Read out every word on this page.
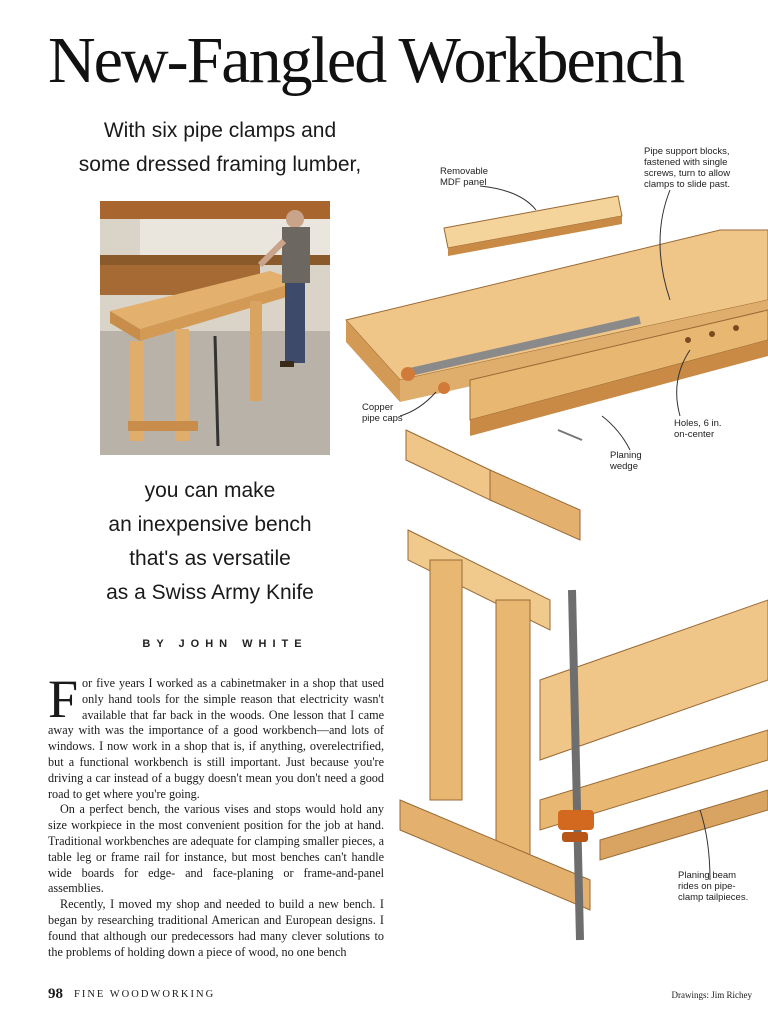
New-Fangled Workbench
With six pipe clamps and
some dressed framing lumber,
you can make
an inexpensive bench
that's as versatile
as a Swiss Army Knife
BY JOHN WHITE

For five years I worked as a cabinetmaker in a shop that used only hand tools for the simple reason that electricity wasn't available that far back in the woods. One lesson that I came away with was the importance of a good workbench—and lots of windows. I now work in a shop that is, if anything, overelectrified, but a functional workbench is still important. Just because you're driving a car instead of a buggy doesn't mean you don't need a good road to get where you're going.

On a perfect bench, the various vises and stops would hold any size workpiece in the most convenient position for the job at hand. Traditional workbenches are adequate for clamping smaller pieces, a table leg or frame rail for instance, but most benches can't handle wide boards for edge- and face-planing or frame-and-panel assemblies.

Recently, I moved my shop and needed to build a new bench. I began by researching traditional American and European designs. I found that although our predecessors had many clever solutions to the problems of holding down a piece of wood, no one bench

Removable
MDF panel
Pipe support blocks,
fastened with single
screws, turn to allow
clamps to slide past.
Copper
pipe caps	Holes, 6 in.
on-center
Planing
wedge
Planing beam
rides on pipe-
clamp tailpieces.
98 FINE WOODWORKING	Drawings: Jim Richey
